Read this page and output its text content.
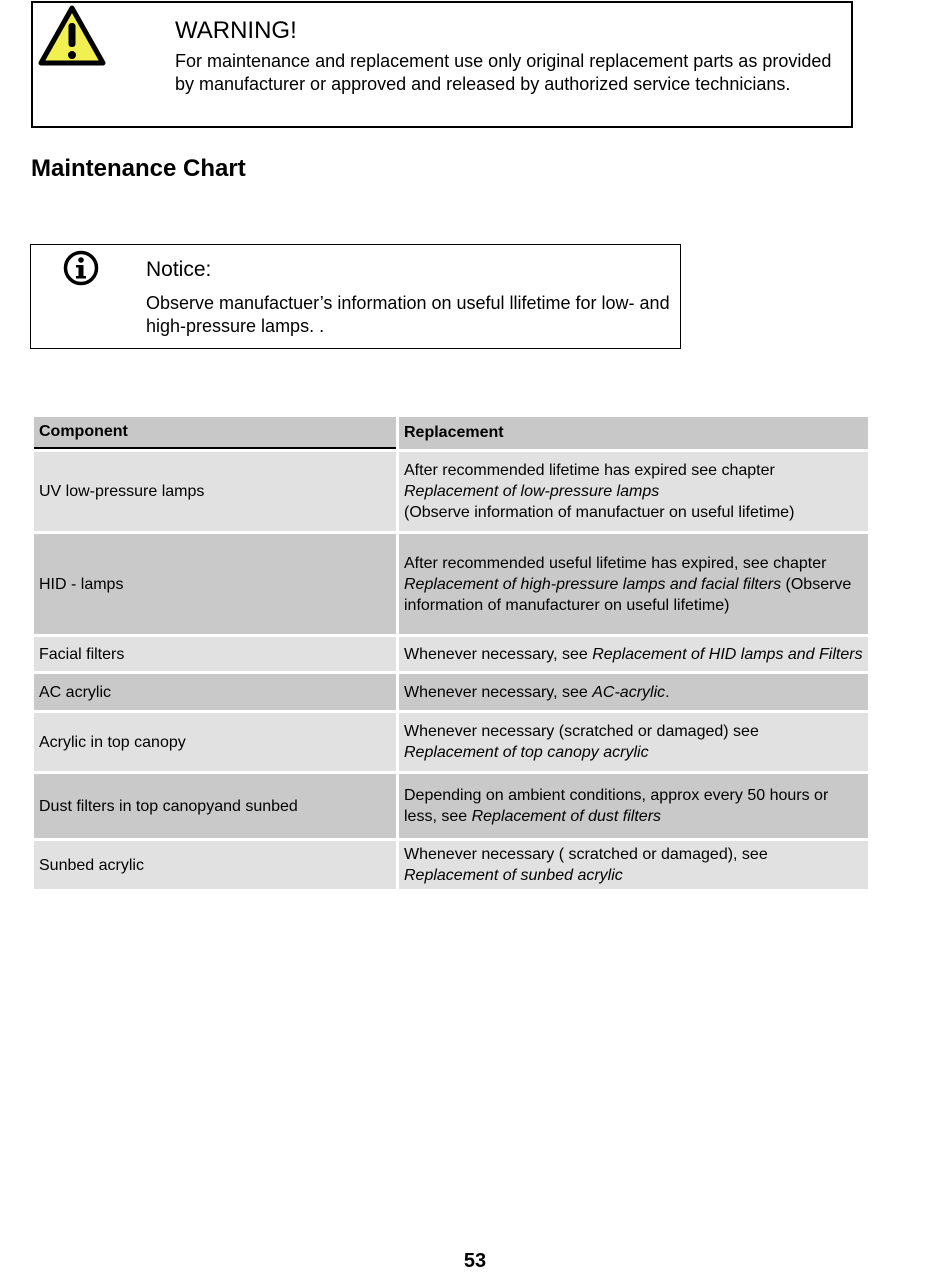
WARNING!

For maintenance and replacement use only original replacement parts as provided by manufacturer or approved and released by authorized service technicians.

Maintenance Chart
Notice:

Observe manufactuer’s information on useful llifetime for low- and high-pressure lamps. .

Component	Replacement
UV low-pressure lamps	After recommended lifetime has expired see chapter
Replacement of low-pressure lamps
(Observe information of manufactuer on useful lifetime)
HID - lamps	After recommended useful lifetime has expired, see chapter Replacement of high-pressure lamps and facial filters (Observe information of manufacturer on useful lifetime)
Facial filters	Whenever necessary, see Replacement of HID lamps and Filters
AC acrylic	Whenever necessary, see AC-acrylic.
Acrylic in top canopy	Whenever necessary (scratched or damaged) see
Replacement of top canopy acrylic
Dust filters in top canopyand sunbed	Depending on ambient conditions, approx every 50 hours or less, see Replacement of dust filters
Sunbed acrylic	Whenever necessary ( scratched or damaged), see
Replacement of sunbed acrylic

53
